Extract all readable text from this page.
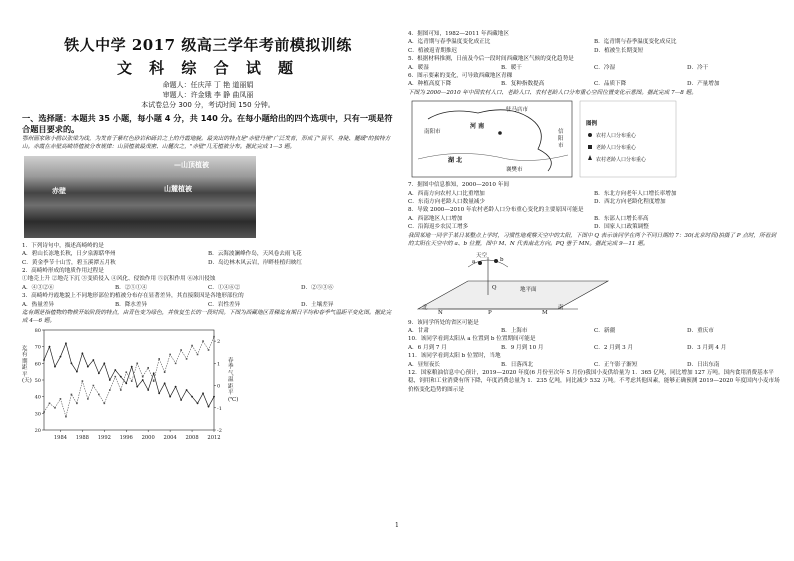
铁人中学 2017 级高三学年考前模拟训练
文 科 综 合 试 题
命题人：任庆萍 丁 艳 道丽娟
审题人：许金娥 李 静 曲凤丽
本试卷总分 300 分，考试时间 150 分钟。
一、选择题：本题共 35 小题，每小题 4 分，共 140 分。在每小题给出的四个选项中，只有一项是符合题目要求的。
鄂州画家陈小鸥以张梁为线，为发育于紫红色砂岩和砾岩之上的丹霞地貌。最突出的特点是"赤壁丹崖"广泛发育，形成了"顶平、身陡、麓缓"的独特方山。赤霞在赤壁高崎塔植被分布规律：山顶植被最茂密、山麓次之，"赤壁"几无植被分布。据此完成 1—3 题。
—山顶植被
赤壁	山麓植被
1．下列诗句中，描述高崎岭的是
A．碧山长冻地长秋，日夕泉源聒华州	B．云海波澜峰作岛，天风卷去雨飞花
C．黄金季节十山雪，碧玉溪潭五月秋	D．岛边林木风云岩，岸畔桂植归映红
2．高崎岭形成的地质作用过程是
①地壳上升 ②地壳下沉 ③变质侵入 ④风化、侵蚀作用 ⑤沉积作用 ⑥冰川侵蚀
A．④③②⑥	B．②⑤①④	C．①④⑥②	D．②⑤③⑥
3．高崎岭丹霞地貌上不同地形部位的植被分布存在显著差异，其直接限因是各地形部位的
A．热量差异	B．降水差异	C．岩性差异	D．土壤差异
迄有期是指植物的物候开始阶段的特点，由青色变为绿色，并恢复生长的一段时间。下图为西藏地区青稞迄有期日平均和春季气温距平变化图。据此完成 4—6 题。
80
70
60
50
40
30
20
2
1
0
-1
-2
1984 1988 1992 1996 2000 2004 2008 2012
迄有期距平 (天)
春季气温距平 (℃)
4．据图可知，1982—2011 年西藏地区
A．迄青期与春季温度变化成正比	B．迄青期与春季温度变化成反比
C．植被返青期推迟	D．植被生长期变短
5．根据材料推测，日前及今后一段时间西藏地区气候的变化趋势是
A．暖湿	B．暖干	C．冷湿	D．冷干
6．图示要素的变化，可导致西藏地区青稞
A．种植高度下降	B．复种指数提高	C．品质下降	D．产量增加
下图为 2000—2010 年中国农村人口、老龄人口、农村老龄人口分布重心空间位置变化示意图。据此完成 7—8 题。
驻马店市
南阳市
河 南
湖 北
信阳市
襄樊市
图例
农村人口分布重心
老龄人口分布重心
农村老龄人口分布重心
7．据图中信息推知，2000—2010 年间
A．西南方向农村人口比重增加	B．东北方向老年人口增长率增加
C．东南方向老龄人口数量减少	D．西北方向老龄化程度增加
8．导致 2000—2010 年农村老龄人口分布重心变化的主要原因可能是
A．西部地区人口增加	B．东部人口增长率高
C．沿海返乡农民工增多	D．国家人口政策调整
我国某地一同学于某日某整点上学时，习惯性地观察天空中的太阳，下图中 Q 表示该同学在两个不同日期的 7：30(北京时间)拍摄了 P 点时，所看到的太阳在天空中的 a、b 位置，图中 M、N 代表南北方向。PQ 垂于 MN。据此完成 9—11 题。
天空
a	b
Q
北
N	P	M
南
地平面
9．该同学所处的省区可能是
A．甘肃	B．上海市	C．新疆	D．重庆市
10．该同学看到太阳从 a 位置到 b 位置期间可能是
A．6 月到 7 月	B．9 月到 10 月	C．2 月到 3 月	D．3 月到 4 月
11．该同学看到太阳 b 位置时，当地
A．昼短夜长	B．日落西北	C．正午影子渐短	D．日出东南
12．国家粮油信息中心预计，2019—2020 年度(6 月份至次年 5 月份)我国小麦供给量为 1．365 亿吨，同比增加 127 万吨。国内食用消费基本平稳，饲用和工业消费有所下降，年度消费总量为 1．235 亿吨，同比减少 532 万吨。不考虑其他因素，能够正确预测 2019—2020 年度国内小麦市场价格变化趋势的图示是
1
